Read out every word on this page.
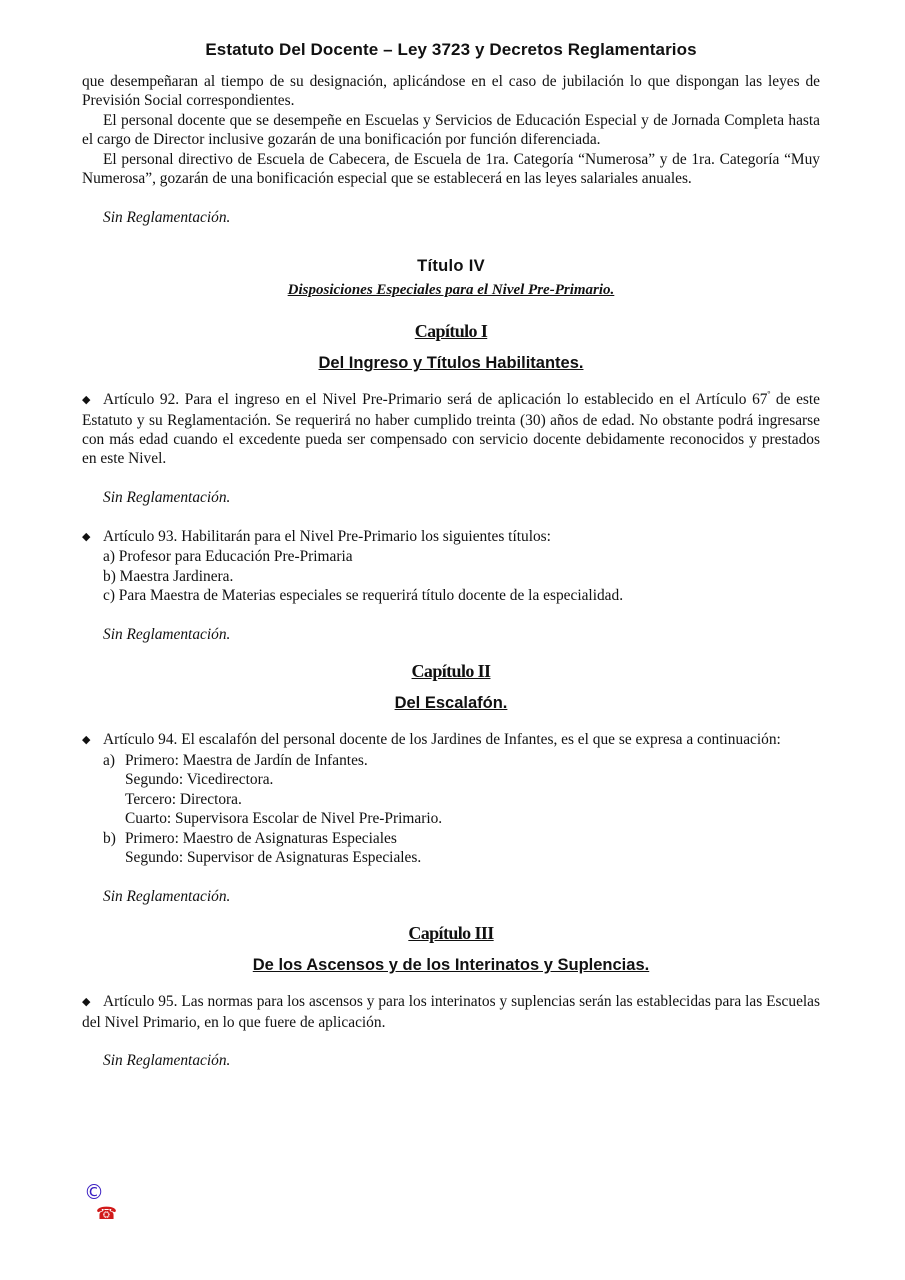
Estatuto Del Docente – Ley 3723 y Decretos Reglamentarios

que desempeñaran al tiempo de su designación, aplicándose en el caso de jubilación lo que dispongan las leyes de Previsión Social correspondientes.

El personal docente que se desempeñe en Escuelas y Servicios de Educación Especial y de Jornada Completa hasta el cargo de Director inclusive gozarán de una bonificación por función diferenciada.

El personal directivo de Escuela de Cabecera, de Escuela de 1ra. Categoría “Numerosa” y de 1ra. Categoría “Muy Numerosa”, gozarán de una bonificación especial que se establecerá en las leyes salariales anuales.

Sin Reglamentación.

Título IV
Disposiciones Especiales para el Nivel Pre-Primario.
Capítulo I
Del Ingreso y Títulos Habilitantes.

◆ Artículo 92. Para el ingreso en el Nivel Pre-Primario será de aplicación lo establecido en el Artículo $67^º$ de este Estatuto y su Reglamentación. Se requerirá no haber cumplido treinta (30) años de edad. No obstante podrá ingresarse con más edad cuando el excedente pueda ser compensado con servicio docente debidamente reconocidos y prestados en este Nivel.

Sin Reglamentación.

◆ Artículo 93. Habilitarán para el Nivel Pre-Primario los siguientes títulos:
a) Profesor para Educación Pre-Primaria
b) Maestra Jardinera.
c) Para Maestra de Materias especiales se requerirá título docente de la especialidad.

Sin Reglamentación.

Capítulo II
Del Escalafón.

◆ Artículo 94. El escalafón del personal docente de los Jardines de Infantes, es el que se expresa a continuación:

a) Primero: Maestra de Jardín de Infantes.
Segundo: Vicedirectora.
Tercero: Directora.
Cuarto: Supervisora Escolar de Nivel Pre-Primario.
b) Primero: Maestro de Asignaturas Especiales
Segundo: Supervisor de Asignaturas Especiales.

Sin Reglamentación.

Capítulo III
De los Ascensos y de los Interinatos y Suplencias.

◆ Artículo 95. Las normas para los ascensos y para los interinatos y suplencias serán las establecidas para las Escuelas del Nivel Primario, en lo que fuere de aplicación.

Sin Reglamentación.

©
☎
